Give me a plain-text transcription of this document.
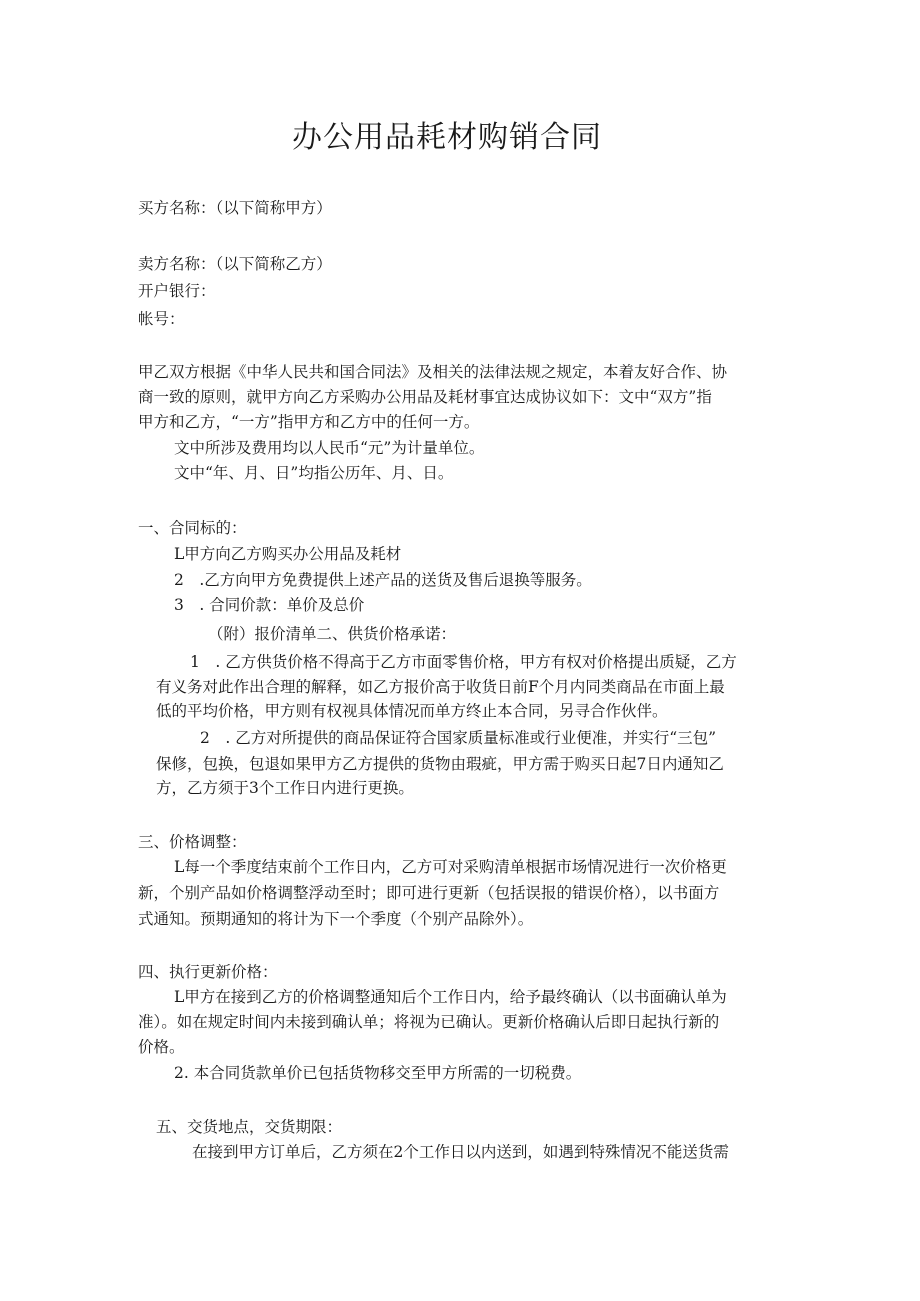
办公用品耗材购销合同

买方名称：（以下简称甲方）

卖方名称：（以下简称乙方）

开户银行：

帐号：

甲乙双方根据《中华人民共和国合同法》及相关的法律法规之规定，本着友好合作、协

商一致的原则，就甲方向乙方采购办公用品及耗材事宜达成协议如下：文中“双方”指

甲方和乙方，“一方”指甲方和乙方中的任何一方。

文中所涉及费用均以人民币“元”为计量单位。

文中“年、月、日”均指公历年、月、日。

一、合同标的：

L甲方向乙方购买办公用品及耗材

2　.乙方向甲方免费提供上述产品的送货及售后退换等服务。

3　. 合同价款：单价及总价

（附）报价清单二、供货价格承诺：

1　. 乙方供货价格不得高于乙方市面零售价格，甲方有权对价格提出质疑，乙方

有义务对此作出合理的解释，如乙方报价高于收货日前F个月内同类商品在市面上最

低的平均价格，甲方则有权视具体情况而单方终止本合同，另寻合作伙伴。

2　. 乙方对所提供的商品保证符合国家质量标准或行业便准，并实行“三包”

保修，包换，包退如果甲方乙方提供的货物由瑕疵，甲方需于购买日起7日内通知乙

方，乙方须于3个工作日内进行更换。

三、价格调整：

L每一个季度结束前个工作日内，乙方可对采购清单根据市场情况进行一次价格更

新，个别产品如价格调整浮动至时；即可进行更新（包括误报的错误价格），以书面方

式通知。预期通知的将计为下一个季度（个别产品除外）。

四、执行更新价格：

L甲方在接到乙方的价格调整通知后个工作日内，给予最终确认（以书面确认单为

准）。如在规定时间内未接到确认单；将视为已确认。更新价格确认后即日起执行新的

价格。

2. 本合同货款单价已包括货物移交至甲方所需的一切税费。

五、交货地点，交货期限：

在接到甲方订单后，乙方须在2个工作日以内送到，如遇到特殊情况不能送货需
